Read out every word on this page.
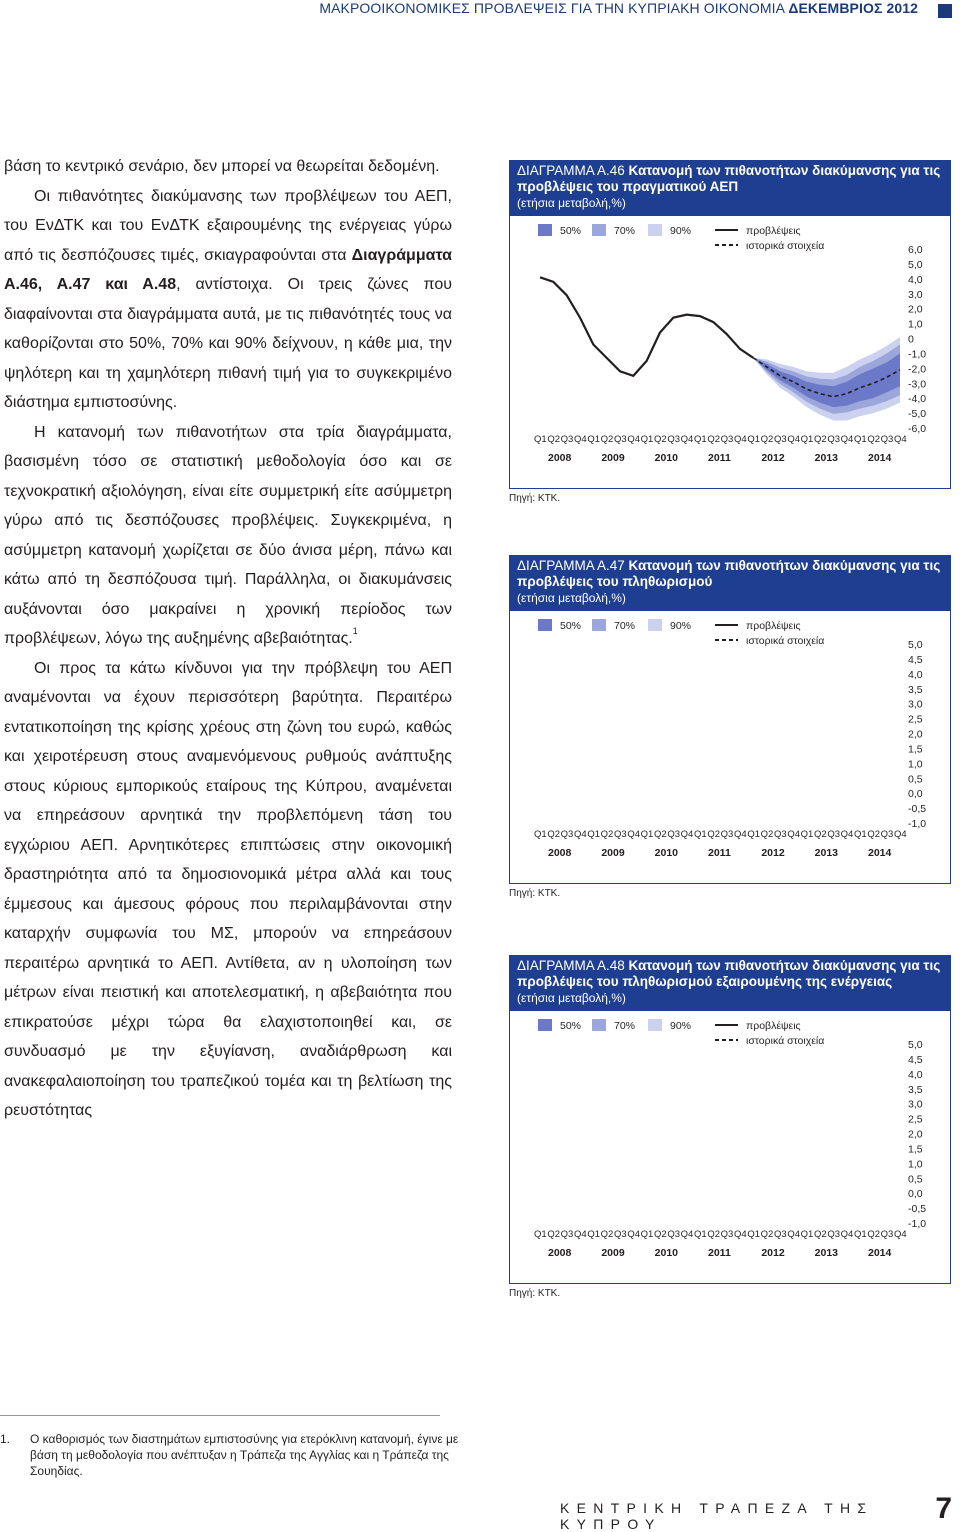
ΜΑΚΡΟΟΙΚΟΝΟΜΙΚΕΣ ΠΡΟΒΛΕΨΕΙΣ ΓΙΑ ΤΗΝ ΚΥΠΡΙΑΚΗ ΟΙΚΟΝΟΜΙΑ ΔΕΚΕΜΒΡΙΟΣ 2012

βάση το κεντρικό σενάριο, δεν μπορεί να θεωρείται δεδομένη.

Οι πιθανότητες διακύμανσης των προβλέψεων του ΑΕΠ, του ΕνΔΤΚ και του ΕνΔΤΚ εξαιρουμένης της ενέργειας γύρω από τις δεσπόζουσες τιμές, σκιαγραφούνται στα Διαγράμματα Α.46, Α.47 και Α.48, αντίστοιχα. Οι τρεις ζώνες που διαφαίνονται στα διαγράμματα αυτά, με τις πιθανότητές τους να καθορίζονται στο 50%, 70% και 90% δείχνουν, η κάθε μια, την ψηλότερη και τη χαμηλότερη πιθανή τιμή για το συγκεκριμένο διάστημα εμπιστοσύνης.

Η κατανομή των πιθανοτήτων στα τρία διαγράμματα, βασισμένη τόσο σε στατιστική μεθοδολογία όσο και σε τεχνοκρατική αξιολόγηση, είναι είτε συμμετρική είτε ασύμμετρη γύρω από τις δεσπόζουσες προβλέψεις. Συγκεκριμένα, η ασύμμετρη κατανομή χωρίζεται σε δύο άνισα μέρη, πάνω και κάτω από τη δεσπόζουσα τιμή. Παράλληλα, οι διακυμάνσεις αυξάνονται όσο μακραίνει η χρονική περίοδος των προβλέψεων, λόγω της αυξημένης αβεβαιότητας.$^1$

Οι προς τα κάτω κίνδυνοι για την πρόβλεψη του ΑΕΠ αναμένονται να έχουν περισσότερη βαρύτητα. Περαιτέρω εντατικοποίηση της κρίσης χρέους στη ζώνη του ευρώ, καθώς και χειροτέρευση στους αναμενόμενους ρυθμούς ανάπτυξης στους κύριους εμπορικούς εταίρους της Κύπρου, αναμένεται να επηρεάσουν αρνητικά την προβλεπόμενη τάση του εγχώριου ΑΕΠ. Αρνητικότερες επιπτώσεις στην οικονομική δραστηριότητα από τα δημοσιονομικά μέτρα αλλά και τους έμμεσους και άμεσους φόρους που περιλαμβάνονται στην καταρχήν συμφωνία του ΜΣ, μπορούν να επηρεάσουν περαιτέρω αρνητικά το ΑΕΠ. Αντίθετα, αν η υλοποίηση των μέτρων είναι πειστική και αποτελεσματική, η αβεβαιότητα που επικρατούσε μέχρι τώρα θα ελαχιστοποιηθεί και, σε συνδυασμό με την εξυγίανση, αναδιάρθρωση και ανακεφαλαιοποίηση του τραπεζικού τομέα και τη βελτίωση της ρευστότητας

ΔΙΑΓΡΑΜΜΑ Α.46 Κατανομή των πιθανοτήτων διακύμανσης για τις προβλέψεις του πραγματικού ΑΕΠ
(ετήσια μεταβολή,%)
50%	70%	90%	προβλέψεις
ιστορικά στοιχεία	6,0
5,0
4,0
3,0
2,0
1,0
0
-1,0
-2,0
-3,0
-4,0
-5,0
-6,0
Q1 Q2 Q3 Q4 Q1 Q2 Q3 Q4 Q1 Q2 Q3 Q4 Q1 Q2 Q3 Q4 Q1 Q2 Q3 Q4 Q1 Q2 Q3 Q4 Q1 Q2 Q3 Q4
2008	2009	2010	2011	2012	2013	2014
Πηγή: ΚΤΚ.
ΔΙΑΓΡΑΜΜΑ Α.47 Κατανομή των πιθανοτήτων διακύμανσης για τις προβλέψεις του πληθωρισμού
(ετήσια μεταβολή,%)
50%	70%	90%	προβλέψεις
ιστορικά στοιχεία	5,0
4,5
4,0
3,5
3,0
2,5
2,0
1,5
1,0
0,5
0,0
-0,5
-1,0
Q1 Q2 Q3 Q4 Q1 Q2 Q3 Q4 Q1 Q2 Q3 Q4 Q1 Q2 Q3 Q4 Q1 Q2 Q3 Q4 Q1 Q2 Q3 Q4 Q1 Q2 Q3 Q4
2008	2009	2010	2011	2012	2013	2014
Πηγή: ΚΤΚ.
ΔΙΑΓΡΑΜΜΑ Α.48 Κατανομή των πιθανοτήτων διακύμανσης για τις προβλέψεις του πληθωρισμού εξαιρουμένης της ενέργειας
(ετήσια μεταβολή,%)
50%	70%	90%	προβλέψεις
ιστορικά στοιχεία	5,0
4,5
4,0
3,5
3,0
2,5
2,0
1,5
1,0
0,5
0,0
-0,5
-1,0
Q1 Q2 Q3 Q4 Q1 Q2 Q3 Q4 Q1 Q2 Q3 Q4 Q1 Q2 Q3 Q4 Q1 Q2 Q3 Q4 Q1 Q2 Q3 Q4 Q1 Q2 Q3 Q4
2008	2009	2010	2011	2012	2013	2014
Πηγή: ΚΤΚ.
1. Ο καθορισμός των διαστημάτων εμπιστοσύνης για ετερόκλινη κατανομή, έγινε με βάση τη μεθοδολογία που ανέπτυξαν η Τράπεζα της Αγγλίας και η Τράπεζα της Σουηδίας.
ΚΕΝΤΡΙΚΗ ΤΡΑΠΕΖΑ ΤΗΣ ΚΥΠΡΟΥ	7
